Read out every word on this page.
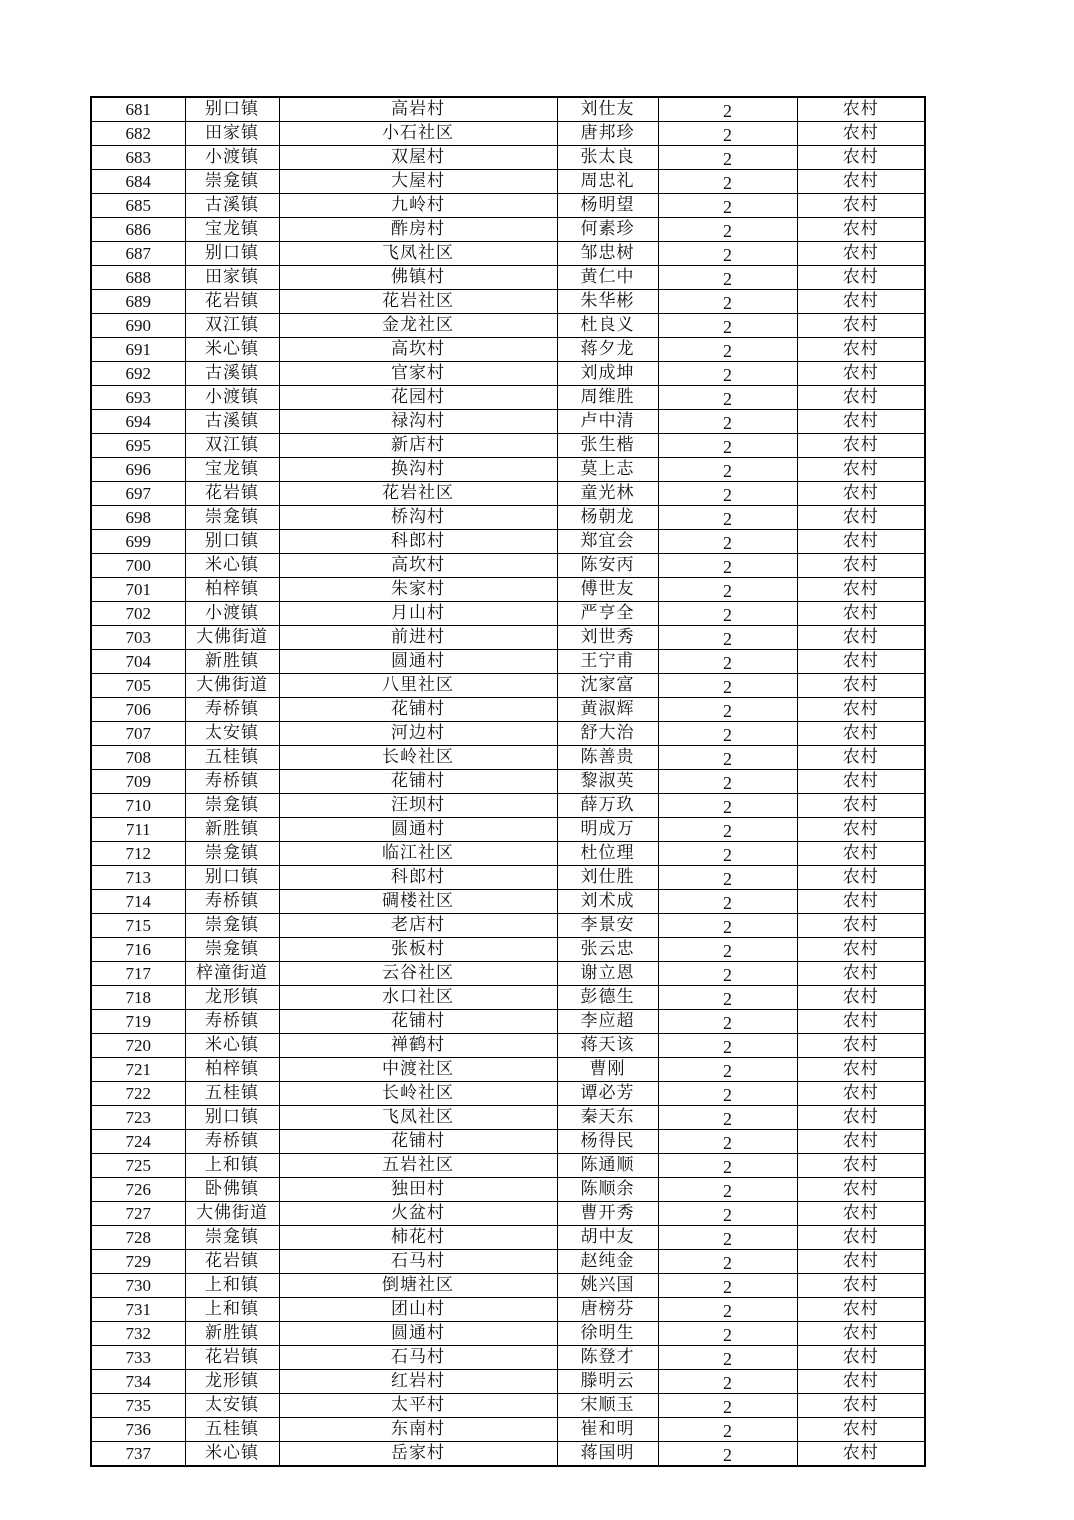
681	别口镇	高岩村	刘仕友	2	农村
682	田家镇	小石社区	唐邦珍	2	农村
683	小渡镇	双屋村	张太良	2	农村
684	崇龛镇	大屋村	周忠礼	2	农村
685	古溪镇	九岭村	杨明望	2	农村
686	宝龙镇	酢房村	何素珍	2	农村
687	别口镇	飞凤社区	邹忠树	2	农村
688	田家镇	佛镇村	黄仁中	2	农村
689	花岩镇	花岩社区	朱华彬	2	农村
690	双江镇	金龙社区	杜良义	2	农村
691	米心镇	高坎村	蒋夕龙	2	农村
692	古溪镇	官家村	刘成坤	2	农村
693	小渡镇	花园村	周维胜	2	农村
694	古溪镇	禄沟村	卢中清	2	农村
695	双江镇	新店村	张生楷	2	农村
696	宝龙镇	换沟村	莫上志	2	农村
697	花岩镇	花岩社区	童光林	2	农村
698	崇龛镇	桥沟村	杨朝龙	2	农村
699	别口镇	科郎村	郑宜会	2	农村
700	米心镇	高坎村	陈安丙	2	农村
701	柏梓镇	朱家村	傅世友	2	农村
702	小渡镇	月山村	严亨全	2	农村
703	大佛街道	前进村	刘世秀	2	农村
704	新胜镇	圆通村	王宁甫	2	农村
705	大佛街道	八里社区	沈家富	2	农村
706	寿桥镇	花铺村	黄淑辉	2	农村
707	太安镇	河边村	舒大治	2	农村
708	五桂镇	长岭社区	陈善贵	2	农村
709	寿桥镇	花铺村	黎淑英	2	农村
710	崇龛镇	汪坝村	薛万玖	2	农村
711	新胜镇	圆通村	明成万	2	农村
712	崇龛镇	临江社区	杜位理	2	农村
713	别口镇	科郎村	刘仕胜	2	农村
714	寿桥镇	碉楼社区	刘术成	2	农村
715	崇龛镇	老店村	李景安	2	农村
716	崇龛镇	张板村	张云忠	2	农村
717	梓潼街道	云谷社区	谢立恩	2	农村
718	龙形镇	水口社区	彭德生	2	农村
719	寿桥镇	花铺村	李应超	2	农村
720	米心镇	禅鹤村	蒋天该	2	农村
721	柏梓镇	中渡社区	曹刚	2	农村
722	五桂镇	长岭社区	谭必芳	2	农村
723	别口镇	飞凤社区	秦天东	2	农村
724	寿桥镇	花铺村	杨得民	2	农村
725	上和镇	五岩社区	陈通顺	2	农村
726	卧佛镇	独田村	陈顺余	2	农村
727	大佛街道	火盆村	曹开秀	2	农村
728	崇龛镇	柿花村	胡中友	2	农村
729	花岩镇	石马村	赵纯金	2	农村
730	上和镇	倒塘社区	姚兴国	2	农村
731	上和镇	团山村	唐榜芬	2	农村
732	新胜镇	圆通村	徐明生	2	农村
733	花岩镇	石马村	陈登才	2	农村
734	龙形镇	红岩村	滕明云	2	农村
735	太安镇	太平村	宋顺玉	2	农村
736	五桂镇	东南村	崔和明	2	农村
737	米心镇	岳家村	蒋国明	2	农村
